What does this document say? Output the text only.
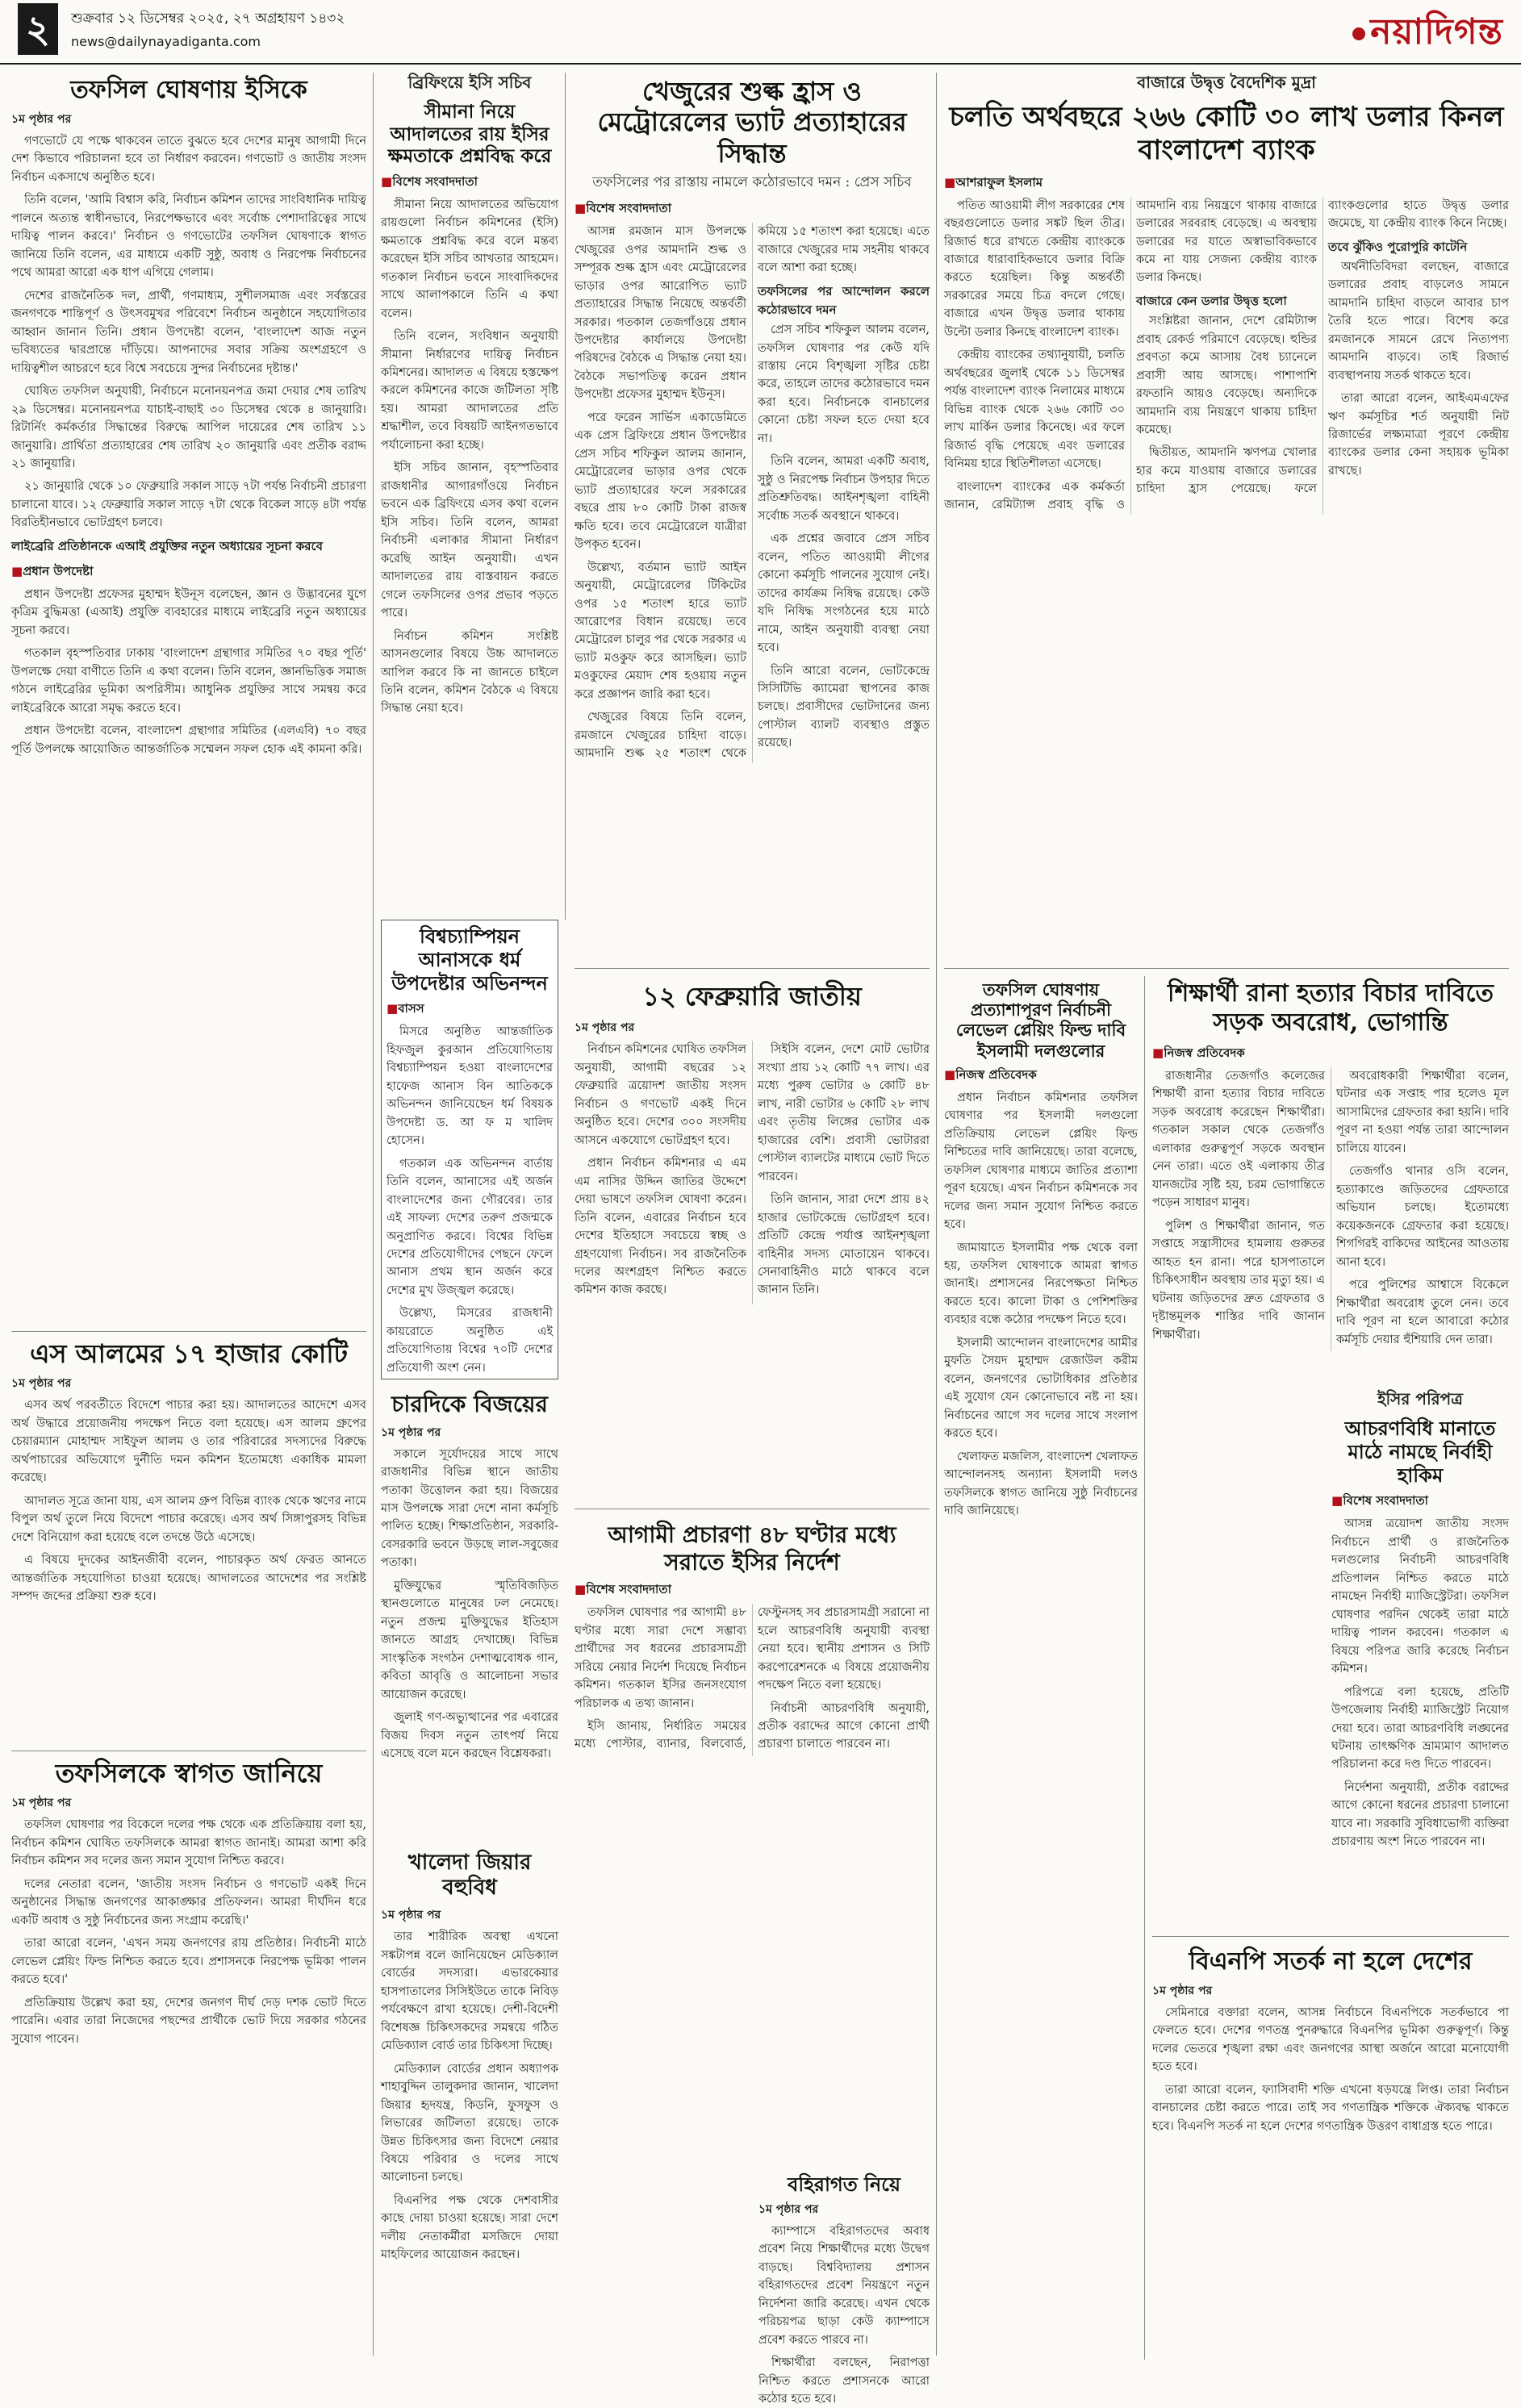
২	শুক্রবার ১২ ডিসেম্বর ২০২৫, ২৭ অগ্রহায়ণ ১৪৩২
news@dailynayadiganta.com	নয়াদিগন্ত
তফসিল ঘোষণায় ইসিকে
১ম পৃষ্ঠার পর

গণভোটে যে পক্ষে থাকবেন তাতে বুঝতে হবে দেশের মানুষ আগামী দিনে দেশ কিভাবে পরিচালনা হবে তা নির্ধারণ করবেন। গণভোট ও জাতীয় সংসদ নির্বাচন একসাথে অনুষ্ঠিত হবে।

তিনি বলেন, 'আমি বিশ্বাস করি, নির্বাচন কমিশন তাদের সাংবিধানিক দায়িত্ব পালনে অত্যন্ত স্বাধীনভাবে, নিরপেক্ষভাবে এবং সর্বোচ্চ পেশাদারিত্বের সাথে দায়িত্ব পালন করবে।' নির্বাচন ও গণভোটের তফসিল ঘোষণাকে স্বাগত জানিয়ে তিনি বলেন, এর মাধ্যমে একটি সুষ্ঠু, অবাধ ও নিরপেক্ষ নির্বাচনের পথে আমরা আরো এক ধাপ এগিয়ে গেলাম।

দেশের রাজনৈতিক দল, প্রার্থী, গণমাধ্যম, সুশীলসমাজ এবং সর্বস্তরের জনগণকে শান্তিপূর্ণ ও উৎসবমুখর পরিবেশে নির্বাচন অনুষ্ঠানে সহযোগিতার আহ্বান জানান তিনি। প্রধান উপদেষ্টা বলেন, 'বাংলাদেশ আজ নতুন ভবিষ্যতের দ্বারপ্রান্তে দাঁড়িয়ে। আপনাদের সবার সক্রিয় অংশগ্রহণে ও দায়িত্বশীল আচরণে হবে বিশ্বে সবচেয়ে সুন্দর নির্বাচনের দৃষ্টান্ত।'

ঘোষিত তফসিল অনুযায়ী, নির্বাচনে মনোনয়নপত্র জমা দেয়ার শেষ তারিখ ২৯ ডিসেম্বর। মনোনয়নপত্র যাচাই-বাছাই ৩০ ডিসেম্বর থেকে ৪ জানুয়ারি। রিটার্নিং কর্মকর্তার সিদ্ধান্তের বিরুদ্ধে আপিল দায়েরের শেষ তারিখ ১১ জানুয়ারি। প্রার্থিতা প্রত্যাহারের শেষ তারিখ ২০ জানুয়ারি এবং প্রতীক বরাদ্দ ২১ জানুয়ারি।

২১ জানুয়ারি থেকে ১০ ফেব্রুয়ারি সকাল সাড়ে ৭টা পর্যন্ত নির্বাচনী প্রচারণা চালানো যাবে। ১২ ফেব্রুয়ারি সকাল সাড়ে ৭টা থেকে বিকেল সাড়ে ৪টা পর্যন্ত বিরতিহীনভাবে ভোটগ্রহণ চলবে।

লাইব্রেরি প্রতিষ্ঠানকে এআই প্রযুক্তির নতুন অধ্যায়ের সূচনা করবে
■ প্রধান উপদেষ্টা

প্রধান উপদেষ্টা প্রফেসর মুহাম্মদ ইউনূস বলেছেন, জ্ঞান ও উদ্ভাবনের যুগে কৃত্রিম বুদ্ধিমত্তা (এআই) প্রযুক্তি ব্যবহারের মাধ্যমে লাইব্রেরি নতুন অধ্যায়ের সূচনা করবে।

গতকাল বৃহস্পতিবার ঢাকায় 'বাংলাদেশ গ্রন্থাগার সমিতির ৭০ বছর পূর্তি' উপলক্ষে দেয়া বাণীতে তিনি এ কথা বলেন। তিনি বলেন, জ্ঞানভিত্তিক সমাজ গঠনে লাইব্রেরির ভূমিকা অপরিসীম। আধুনিক প্রযুক্তির সাথে সমন্বয় করে লাইব্রেরিকে আরো সমৃদ্ধ করতে হবে।

প্রধান উপদেষ্টা বলেন, বাংলাদেশ গ্রন্থাগার সমিতির (এলএবি) ৭০ বছর পূর্তি উপলক্ষে আয়োজিত আন্তর্জাতিক সম্মেলন সফল হোক এই কামনা করি।

এস আলমের ১৭ হাজার কোটি
১ম পৃষ্ঠার পর

এসব অর্থ পরবর্তীতে বিদেশে পাচার করা হয়। আদালতের আদেশে এসব অর্থ উদ্ধারে প্রয়োজনীয় পদক্ষেপ নিতে বলা হয়েছে। এস আলম গ্রুপের চেয়ারম্যান মোহাম্মদ সাইফুল আলম ও তার পরিবারের সদস্যদের বিরুদ্ধে অর্থপাচারের অভিযোগে দুর্নীতি দমন কমিশন ইতোমধ্যে একাধিক মামলা করেছে।

আদালত সূত্রে জানা যায়, এস আলম গ্রুপ বিভিন্ন ব্যাংক থেকে ঋণের নামে বিপুল অর্থ তুলে নিয়ে বিদেশে পাচার করেছে। এসব অর্থ সিঙ্গাপুরসহ বিভিন্ন দেশে বিনিয়োগ করা হয়েছে বলে তদন্তে উঠে এসেছে।

এ বিষয়ে দুদকের আইনজীবী বলেন, পাচারকৃত অর্থ ফেরত আনতে আন্তর্জাতিক সহযোগিতা চাওয়া হয়েছে। আদালতের আদেশের পর সংশ্লিষ্ট সম্পদ জব্দের প্রক্রিয়া শুরু হবে।

তফসিলকে স্বাগত জানিয়ে
১ম পৃষ্ঠার পর

তফসিল ঘোষণার পর বিকেলে দলের পক্ষ থেকে এক প্রতিক্রিয়ায় বলা হয়, নির্বাচন কমিশন ঘোষিত তফসিলকে আমরা স্বাগত জানাই। আমরা আশা করি নির্বাচন কমিশন সব দলের জন্য সমান সুযোগ নিশ্চিত করবে।

দলের নেতারা বলেন, 'জাতীয় সংসদ নির্বাচন ও গণভোট একই দিনে অনুষ্ঠানের সিদ্ধান্ত জনগণের আকাঙ্ক্ষার প্রতিফলন। আমরা দীর্ঘদিন ধরে একটি অবাধ ও সুষ্ঠু নির্বাচনের জন্য সংগ্রাম করেছি।'

তারা আরো বলেন, 'এখন সময় জনগণের রায় প্রতিষ্ঠার। নির্বাচনী মাঠে লেভেল প্লেয়িং ফিল্ড নিশ্চিত করতে হবে। প্রশাসনকে নিরপেক্ষ ভূমিকা পালন করতে হবে।'

প্রতিক্রিয়ায় উল্লেখ করা হয়, দেশের জনগণ দীর্ঘ দেড় দশক ভোট দিতে পারেনি। এবার তারা নিজেদের পছন্দের প্রার্থীকে ভোট দিয়ে সরকার গঠনের সুযোগ পাবেন।

ব্রিফিংয়ে ইসি সচিব
সীমানা নিয়ে আদালতের রায় ইসির ক্ষমতাকে প্রশ্নবিদ্ধ করে
■ বিশেষ সংবাদদাতা

সীমানা নিয়ে আদালতের অভিযোগ রায়গুলো নির্বাচন কমিশনের (ইসি) ক্ষমতাকে প্রশ্নবিদ্ধ করে বলে মন্তব্য করেছেন ইসি সচিব আখতার আহমেদ। গতকাল নির্বাচন ভবনে সাংবাদিকদের সাথে আলাপকালে তিনি এ কথা বলেন।

তিনি বলেন, সংবিধান অনুযায়ী সীমানা নির্ধারণের দায়িত্ব নির্বাচন কমিশনের। আদালত এ বিষয়ে হস্তক্ষেপ করলে কমিশনের কাজে জটিলতা সৃষ্টি হয়। আমরা আদালতের প্রতি শ্রদ্ধাশীল, তবে বিষয়টি আইনগতভাবে পর্যালোচনা করা হচ্ছে।

ইসি সচিব জানান, বৃহস্পতিবার রাজধানীর আগারগাঁওয়ে নির্বাচন ভবনে এক ব্রিফিংয়ে এসব কথা বলেন ইসি সচিব। তিনি বলেন, আমরা নির্বাচনী এলাকার সীমানা নির্ধারণ করেছি আইন অনুযায়ী। এখন আদালতের রায় বাস্তবায়ন করতে গেলে তফসিলের ওপর প্রভাব পড়তে পারে।

নির্বাচন কমিশন সংশ্লিষ্ট আসনগুলোর বিষয়ে উচ্চ আদালতে আপিল করবে কি না জানতে চাইলে তিনি বলেন, কমিশন বৈঠকে এ বিষয়ে সিদ্ধান্ত নেয়া হবে।

বিশ্বচ্যাম্পিয়ন আনাসকে ধর্ম উপদেষ্টার অভিনন্দন
■ বাসস

মিসরে অনুষ্ঠিত আন্তর্জাতিক হিফজুল কুরআন প্রতিযোগিতায় বিশ্বচ্যাম্পিয়ন হওয়া বাংলাদেশের হাফেজ আনাস বিন আতিককে অভিনন্দন জানিয়েছেন ধর্ম বিষয়ক উপদেষ্টা ড. আ ফ ম খালিদ হোসেন।

গতকাল এক অভিনন্দন বার্তায় তিনি বলেন, আনাসের এই অর্জন বাংলাদেশের জন্য গৌরবের। তার এই সাফল্য দেশের তরুণ প্রজন্মকে অনুপ্রাণিত করবে। বিশ্বের বিভিন্ন দেশের প্রতিযোগীদের পেছনে ফেলে আনাস প্রথম স্থান অর্জন করে দেশের মুখ উজ্জ্বল করেছে।

উল্লেখ্য, মিসরের রাজধানী কায়রোতে অনুষ্ঠিত এই প্রতিযোগিতায় বিশ্বের ৭০টি দেশের প্রতিযোগী অংশ নেন।

চারদিকে বিজয়ের
১ম পৃষ্ঠার পর

সকালে সূর্যোদয়ের সাথে সাথে রাজধানীর বিভিন্ন স্থানে জাতীয় পতাকা উত্তোলন করা হয়। বিজয়ের মাস উপলক্ষে সারা দেশে নানা কর্মসূচি পালিত হচ্ছে। শিক্ষাপ্রতিষ্ঠান, সরকারি-বেসরকারি ভবনে উড়ছে লাল-সবুজের পতাকা।

মুক্তিযুদ্ধের স্মৃতিবিজড়িত স্থানগুলোতে মানুষের ঢল নেমেছে। নতুন প্রজন্ম মুক্তিযুদ্ধের ইতিহাস জানতে আগ্রহ দেখাচ্ছে। বিভিন্ন সাংস্কৃতিক সংগঠন দেশাত্মবোধক গান, কবিতা আবৃত্তি ও আলোচনা সভার আয়োজন করেছে।

জুলাই গণ-অভ্যুত্থানের পর এবারের বিজয় দিবস নতুন তাৎপর্য নিয়ে এসেছে বলে মনে করছেন বিশ্লেষকরা।

খালেদা জিয়ার বহুবিধ
১ম পৃষ্ঠার পর

তার শারীরিক অবস্থা এখনো সঙ্কটাপন্ন বলে জানিয়েছেন মেডিক্যাল বোর্ডের সদস্যরা। এভারকেয়ার হাসপাতালের সিসিইউতে তাকে নিবিড় পর্যবেক্ষণে রাখা হয়েছে। দেশী-বিদেশী বিশেষজ্ঞ চিকিৎসকদের সমন্বয়ে গঠিত মেডিক্যাল বোর্ড তার চিকিৎসা দিচ্ছে।

মেডিক্যাল বোর্ডের প্রধান অধ্যাপক শাহাবুদ্দিন তালুকদার জানান, খালেদা জিয়ার হৃদযন্ত্র, কিডনি, ফুসফুস ও লিভারের জটিলতা রয়েছে। তাকে উন্নত চিকিৎসার জন্য বিদেশে নেয়ার বিষয়ে পরিবার ও দলের সাথে আলোচনা চলছে।

বিএনপির পক্ষ থেকে দেশবাসীর কাছে দোয়া চাওয়া হয়েছে। সারা দেশে দলীয় নেতাকর্মীরা মসজিদে দোয়া মাহফিলের আয়োজন করছেন।

খেজুরের শুল্ক হ্রাস ও মেট্রোরেলের ভ্যাট প্রত্যাহারের সিদ্ধান্ত
তফসিলের পর রাস্তায় নামলে কঠোরভাবে দমন : প্রেস সচিব
■ বিশেষ সংবাদদাতা

আসন্ন রমজান মাস উপলক্ষে খেজুরের ওপর আমদানি শুল্ক ও সম্পূরক শুল্ক হ্রাস এবং মেট্রোরেলের ভাড়ার ওপর আরোপিত ভ্যাট প্রত্যাহারের সিদ্ধান্ত নিয়েছে অন্তর্বর্তী সরকার। গতকাল তেজগাঁওয়ে প্রধান উপদেষ্টার কার্যালয়ে উপদেষ্টা পরিষদের বৈঠকে এ সিদ্ধান্ত নেয়া হয়। বৈঠকে সভাপতিত্ব করেন প্রধান উপদেষ্টা প্রফেসর মুহাম্মদ ইউনূস।

পরে ফরেন সার্ভিস একাডেমিতে এক প্রেস ব্রিফিংয়ে প্রধান উপদেষ্টার প্রেস সচিব শফিকুল আলম জানান, মেট্রোরেলের ভাড়ার ওপর থেকে ভ্যাট প্রত্যাহারের ফলে সরকারের বছরে প্রায় ৮০ কোটি টাকা রাজস্ব ক্ষতি হবে। তবে মেট্রোরেলে যাত্রীরা উপকৃত হবেন।

উল্লেখ্য, বর্তমান ভ্যাট আইন অনুযায়ী, মেট্রোরেলের টিকিটের ওপর ১৫ শতাংশ হারে ভ্যাট আরোপের বিধান রয়েছে। তবে মেট্রোরেল চালুর পর থেকে সরকার এ ভ্যাট মওকুফ করে আসছিল। ভ্যাট মওকুফের মেয়াদ শেষ হওয়ায় নতুন করে প্রজ্ঞাপন জারি করা হবে।

খেজুরের বিষয়ে তিনি বলেন, রমজানে খেজুরের চাহিদা বাড়ে। আমদানি শুল্ক ২৫ শতাংশ থেকে কমিয়ে ১৫ শতাংশ করা হয়েছে। এতে বাজারে খেজুরের দাম সহনীয় থাকবে বলে আশা করা হচ্ছে।

তফসিলের পর আন্দোলন করলে কঠোরভাবে দমন

প্রেস সচিব শফিকুল আলম বলেন, তফসিল ঘোষণার পর কেউ যদি রাস্তায় নেমে বিশৃঙ্খলা সৃষ্টির চেষ্টা করে, তাহলে তাদের কঠোরভাবে দমন করা হবে। নির্বাচনকে বানচালের কোনো চেষ্টা সফল হতে দেয়া হবে না।

তিনি বলেন, আমরা একটি অবাধ, সুষ্ঠু ও নিরপেক্ষ নির্বাচন উপহার দিতে প্রতিশ্রুতিবদ্ধ। আইনশৃঙ্খলা বাহিনী সর্বোচ্চ সতর্ক অবস্থানে থাকবে।

এক প্রশ্নের জবাবে প্রেস সচিব বলেন, পতিত আওয়ামী লীগের কোনো কর্মসূচি পালনের সুযোগ নেই। তাদের কার্যক্রম নিষিদ্ধ রয়েছে। কেউ যদি নিষিদ্ধ সংগঠনের হয়ে মাঠে নামে, আইন অনুযায়ী ব্যবস্থা নেয়া হবে।

তিনি আরো বলেন, ভোটকেন্দ্রে সিসিটিভি ক্যামেরা স্থাপনের কাজ চলছে। প্রবাসীদের ভোটদানের জন্য পোস্টাল ব্যালট ব্যবস্থাও প্রস্তুত রয়েছে।

১২ ফেব্রুয়ারি জাতীয়
১ম পৃষ্ঠার পর

নির্বাচন কমিশনের ঘোষিত তফসিল অনুযায়ী, আগামী বছরের ১২ ফেব্রুয়ারি ত্রয়োদশ জাতীয় সংসদ নির্বাচন ও গণভোট একই দিনে অনুষ্ঠিত হবে। দেশের ৩০০ সংসদীয় আসনে একযোগে ভোটগ্রহণ হবে।

প্রধান নির্বাচন কমিশনার এ এম এম নাসির উদ্দিন জাতির উদ্দেশে দেয়া ভাষণে তফসিল ঘোষণা করেন। তিনি বলেন, এবারের নির্বাচন হবে দেশের ইতিহাসে সবচেয়ে স্বচ্ছ ও গ্রহণযোগ্য নির্বাচন। সব রাজনৈতিক দলের অংশগ্রহণ নিশ্চিত করতে কমিশন কাজ করছে।

সিইসি বলেন, দেশে মোট ভোটার সংখ্যা প্রায় ১২ কোটি ৭৭ লাখ। এর মধ্যে পুরুষ ভোটার ৬ কোটি ৪৮ লাখ, নারী ভোটার ৬ কোটি ২৮ লাখ এবং তৃতীয় লিঙ্গের ভোটার এক হাজারের বেশি। প্রবাসী ভোটাররা পোস্টাল ব্যালটের মাধ্যমে ভোট দিতে পারবেন।

তিনি জানান, সারা দেশে প্রায় ৪২ হাজার ভোটকেন্দ্রে ভোটগ্রহণ হবে। প্রতিটি কেন্দ্রে পর্যাপ্ত আইনশৃঙ্খলা বাহিনীর সদস্য মোতায়েন থাকবে। সেনাবাহিনীও মাঠে থাকবে বলে জানান তিনি।

আগামী প্রচারণা ৪৮ ঘণ্টার মধ্যে সরাতে ইসির নির্দেশ
■ বিশেষ সংবাদদাতা

তফসিল ঘোষণার পর আগামী ৪৮ ঘণ্টার মধ্যে সারা দেশে সম্ভাব্য প্রার্থীদের সব ধরনের প্রচারসামগ্রী সরিয়ে নেয়ার নির্দেশ দিয়েছে নির্বাচন কমিশন। গতকাল ইসির জনসংযোগ পরিচালক এ তথ্য জানান।

ইসি জানায়, নির্ধারিত সময়ের মধ্যে পোস্টার, ব্যানার, বিলবোর্ড, ফেস্টুনসহ সব প্রচারসামগ্রী সরানো না হলে আচরণবিধি অনুযায়ী ব্যবস্থা নেয়া হবে। স্থানীয় প্রশাসন ও সিটি করপোরেশনকে এ বিষয়ে প্রয়োজনীয় পদক্ষেপ নিতে বলা হয়েছে।

নির্বাচনী আচরণবিধি অনুযায়ী, প্রতীক বরাদ্দের আগে কোনো প্রার্থী প্রচারণা চালাতে পারবেন না।

বহিরাগত নিয়ে
১ম পৃষ্ঠার পর

ক্যাম্পাসে বহিরাগতদের অবাধ প্রবেশ নিয়ে শিক্ষার্থীদের মধ্যে উদ্বেগ বাড়ছে। বিশ্ববিদ্যালয় প্রশাসন বহিরাগতদের প্রবেশ নিয়ন্ত্রণে নতুন নির্দেশনা জারি করেছে। এখন থেকে পরিচয়পত্র ছাড়া কেউ ক্যাম্পাসে প্রবেশ করতে পারবে না।

শিক্ষার্থীরা বলছেন, নিরাপত্তা নিশ্চিত করতে প্রশাসনকে আরো কঠোর হতে হবে।

বাজারে উদ্বৃত্ত বৈদেশিক মুদ্রা
চলতি অর্থবছরে ২৬৬ কোটি ৩০ লাখ ডলার কিনল বাংলাদেশ ব্যাংক
■ আশরাফুল ইসলাম

পতিত আওয়ামী লীগ সরকারের শেষ বছরগুলোতে ডলার সঙ্কট ছিল তীব্র। রিজার্ভ ধরে রাখতে কেন্দ্রীয় ব্যাংককে বাজারে ধারাবাহিকভাবে ডলার বিক্রি করতে হয়েছিল। কিন্তু অন্তর্বর্তী সরকারের সময়ে চিত্র বদলে গেছে। বাজারে এখন উদ্বৃত্ত ডলার থাকায় উল্টো ডলার কিনছে বাংলাদেশ ব্যাংক।

কেন্দ্রীয় ব্যাংকের তথ্যানুযায়ী, চলতি অর্থবছরের জুলাই থেকে ১১ ডিসেম্বর পর্যন্ত বাংলাদেশ ব্যাংক নিলামের মাধ্যমে বিভিন্ন ব্যাংক থেকে ২৬৬ কোটি ৩০ লাখ মার্কিন ডলার কিনেছে। এর ফলে রিজার্ভ বৃদ্ধি পেয়েছে এবং ডলারের বিনিময় হারে স্থিতিশীলতা এসেছে।

বাংলাদেশ ব্যাংকের এক কর্মকর্তা জানান, রেমিট্যান্স প্রবাহ বৃদ্ধি ও আমদানি ব্যয় নিয়ন্ত্রণে থাকায় বাজারে ডলারের সরবরাহ বেড়েছে। এ অবস্থায় ডলারের দর যাতে অস্বাভাবিকভাবে কমে না যায় সেজন্য কেন্দ্রীয় ব্যাংক ডলার কিনছে।

বাজারে কেন ডলার উদ্বৃত্ত হলো

সংশ্লিষ্টরা জানান, দেশে রেমিট্যান্স প্রবাহ রেকর্ড পরিমাণে বেড়েছে। হুন্ডির প্রবণতা কমে আসায় বৈধ চ্যানেলে প্রবাসী আয় আসছে। পাশাপাশি রফতানি আয়ও বেড়েছে। অন্যদিকে আমদানি ব্যয় নিয়ন্ত্রণে থাকায় চাহিদা কমেছে।

দ্বিতীয়ত, আমদানি ঋণপত্র খোলার হার কমে যাওয়ায় বাজারে ডলারের চাহিদা হ্রাস পেয়েছে। ফলে ব্যাংকগুলোর হাতে উদ্বৃত্ত ডলার জমেছে, যা কেন্দ্রীয় ব্যাংক কিনে নিচ্ছে।

তবে ঝুঁকিও পুরোপুরি কাটেনি

অর্থনীতিবিদরা বলছেন, বাজারে ডলারের প্রবাহ বাড়লেও সামনে আমদানি চাহিদা বাড়লে আবার চাপ তৈরি হতে পারে। বিশেষ করে রমজানকে সামনে রেখে নিত্যপণ্য আমদানি বাড়বে। তাই রিজার্ভ ব্যবস্থাপনায় সতর্ক থাকতে হবে।

তারা আরো বলেন, আইএমএফের ঋণ কর্মসূচির শর্ত অনুযায়ী নিট রিজার্ভের লক্ষ্যমাত্রা পূরণে কেন্দ্রীয় ব্যাংকের ডলার কেনা সহায়ক ভূমিকা রাখছে।

তফসিল ঘোষণায় প্রত্যাশাপূরণ নির্বাচনী লেভেল প্লেয়িং ফিল্ড দাবি ইসলামী দলগুলোর
■ নিজস্ব প্রতিবেদক

প্রধান নির্বাচন কমিশনার তফসিল ঘোষণার পর ইসলামী দলগুলো প্রতিক্রিয়ায় লেভেল প্লেয়িং ফিল্ড নিশ্চিতের দাবি জানিয়েছে। তারা বলেছে, তফসিল ঘোষণার মাধ্যমে জাতির প্রত্যাশা পূরণ হয়েছে। এখন নির্বাচন কমিশনকে সব দলের জন্য সমান সুযোগ নিশ্চিত করতে হবে।

জামায়াতে ইসলামীর পক্ষ থেকে বলা হয়, তফসিল ঘোষণাকে আমরা স্বাগত জানাই। প্রশাসনের নিরপেক্ষতা নিশ্চিত করতে হবে। কালো টাকা ও পেশিশক্তির ব্যবহার বন্ধে কঠোর পদক্ষেপ নিতে হবে।

ইসলামী আন্দোলন বাংলাদেশের আমীর মুফতি সৈয়দ মুহাম্মদ রেজাউল করীম বলেন, জনগণের ভোটাধিকার প্রতিষ্ঠার এই সুযোগ যেন কোনোভাবে নষ্ট না হয়। নির্বাচনের আগে সব দলের সাথে সংলাপ করতে হবে।

খেলাফত মজলিস, বাংলাদেশ খেলাফত আন্দোলনসহ অন্যান্য ইসলামী দলও তফসিলকে স্বাগত জানিয়ে সুষ্ঠু নির্বাচনের দাবি জানিয়েছে।

শিক্ষার্থী রানা হত্যার বিচার দাবিতে সড়ক অবরোধ, ভোগান্তি
■ নিজস্ব প্রতিবেদক

রাজধানীর তেজগাঁও কলেজের শিক্ষার্থী রানা হত্যার বিচার দাবিতে সড়ক অবরোধ করেছেন শিক্ষার্থীরা। গতকাল সকাল থেকে তেজগাঁও এলাকার গুরুত্বপূর্ণ সড়কে অবস্থান নেন তারা। এতে ওই এলাকায় তীব্র যানজটের সৃষ্টি হয়, চরম ভোগান্তিতে পড়েন সাধারণ মানুষ।

পুলিশ ও শিক্ষার্থীরা জানান, গত সপ্তাহে সন্ত্রাসীদের হামলায় গুরুতর আহত হন রানা। পরে হাসপাতালে চিকিৎসাধীন অবস্থায় তার মৃত্যু হয়। এ ঘটনায় জড়িতদের দ্রুত গ্রেফতার ও দৃষ্টান্তমূলক শাস্তির দাবি জানান শিক্ষার্থীরা।

অবরোধকারী শিক্ষার্থীরা বলেন, ঘটনার এক সপ্তাহ পার হলেও মূল আসামিদের গ্রেফতার করা হয়নি। দাবি পূরণ না হওয়া পর্যন্ত তারা আন্দোলন চালিয়ে যাবেন।

তেজগাঁও থানার ওসি বলেন, হত্যাকাণ্ডে জড়িতদের গ্রেফতারে অভিযান চলছে। ইতোমধ্যে কয়েকজনকে গ্রেফতার করা হয়েছে। শিগগিরই বাকিদের আইনের আওতায় আনা হবে।

পরে পুলিশের আশ্বাসে বিকেলে শিক্ষার্থীরা অবরোধ তুলে নেন। তবে দাবি পূরণ না হলে আবারো কঠোর কর্মসূচি দেয়ার হুঁশিয়ারি দেন তারা।

ইসির পরিপত্র
আচরণবিধি মানাতে মাঠে নামছে নির্বাহী হাকিম
■ বিশেষ সংবাদদাতা

আসন্ন ত্রয়োদশ জাতীয় সংসদ নির্বাচনে প্রার্থী ও রাজনৈতিক দলগুলোর নির্বাচনী আচরণবিধি প্রতিপালন নিশ্চিত করতে মাঠে নামছেন নির্বাহী ম্যাজিস্ট্রেটরা। তফসিল ঘোষণার পরদিন থেকেই তারা মাঠে দায়িত্ব পালন করবেন। গতকাল এ বিষয়ে পরিপত্র জারি করেছে নির্বাচন কমিশন।

পরিপত্রে বলা হয়েছে, প্রতিটি উপজেলায় নির্বাহী ম্যাজিস্ট্রেট নিয়োগ দেয়া হবে। তারা আচরণবিধি লঙ্ঘনের ঘটনায় তাৎক্ষণিক ভ্রাম্যমাণ আদালত পরিচালনা করে দণ্ড দিতে পারবেন।

নির্দেশনা অনুযায়ী, প্রতীক বরাদ্দের আগে কোনো ধরনের প্রচারণা চালানো যাবে না। সরকারি সুবিধাভোগী ব্যক্তিরা প্রচারণায় অংশ নিতে পারবেন না।

বিএনপি সতর্ক না হলে দেশের
১ম পৃষ্ঠার পর

সেমিনারে বক্তারা বলেন, আসন্ন নির্বাচনে বিএনপিকে সতর্কভাবে পা ফেলতে হবে। দেশের গণতন্ত্র পুনরুদ্ধারে বিএনপির ভূমিকা গুরুত্বপূর্ণ। কিন্তু দলের ভেতরে শৃঙ্খলা রক্ষা এবং জনগণের আস্থা অর্জনে আরো মনোযোগী হতে হবে।

তারা আরো বলেন, ফ্যাসিবাদী শক্তি এখনো ষড়যন্ত্রে লিপ্ত। তারা নির্বাচন বানচালের চেষ্টা করতে পারে। তাই সব গণতান্ত্রিক শক্তিকে ঐক্যবদ্ধ থাকতে হবে। বিএনপি সতর্ক না হলে দেশের গণতান্ত্রিক উত্তরণ বাধাগ্রস্ত হতে পারে।
